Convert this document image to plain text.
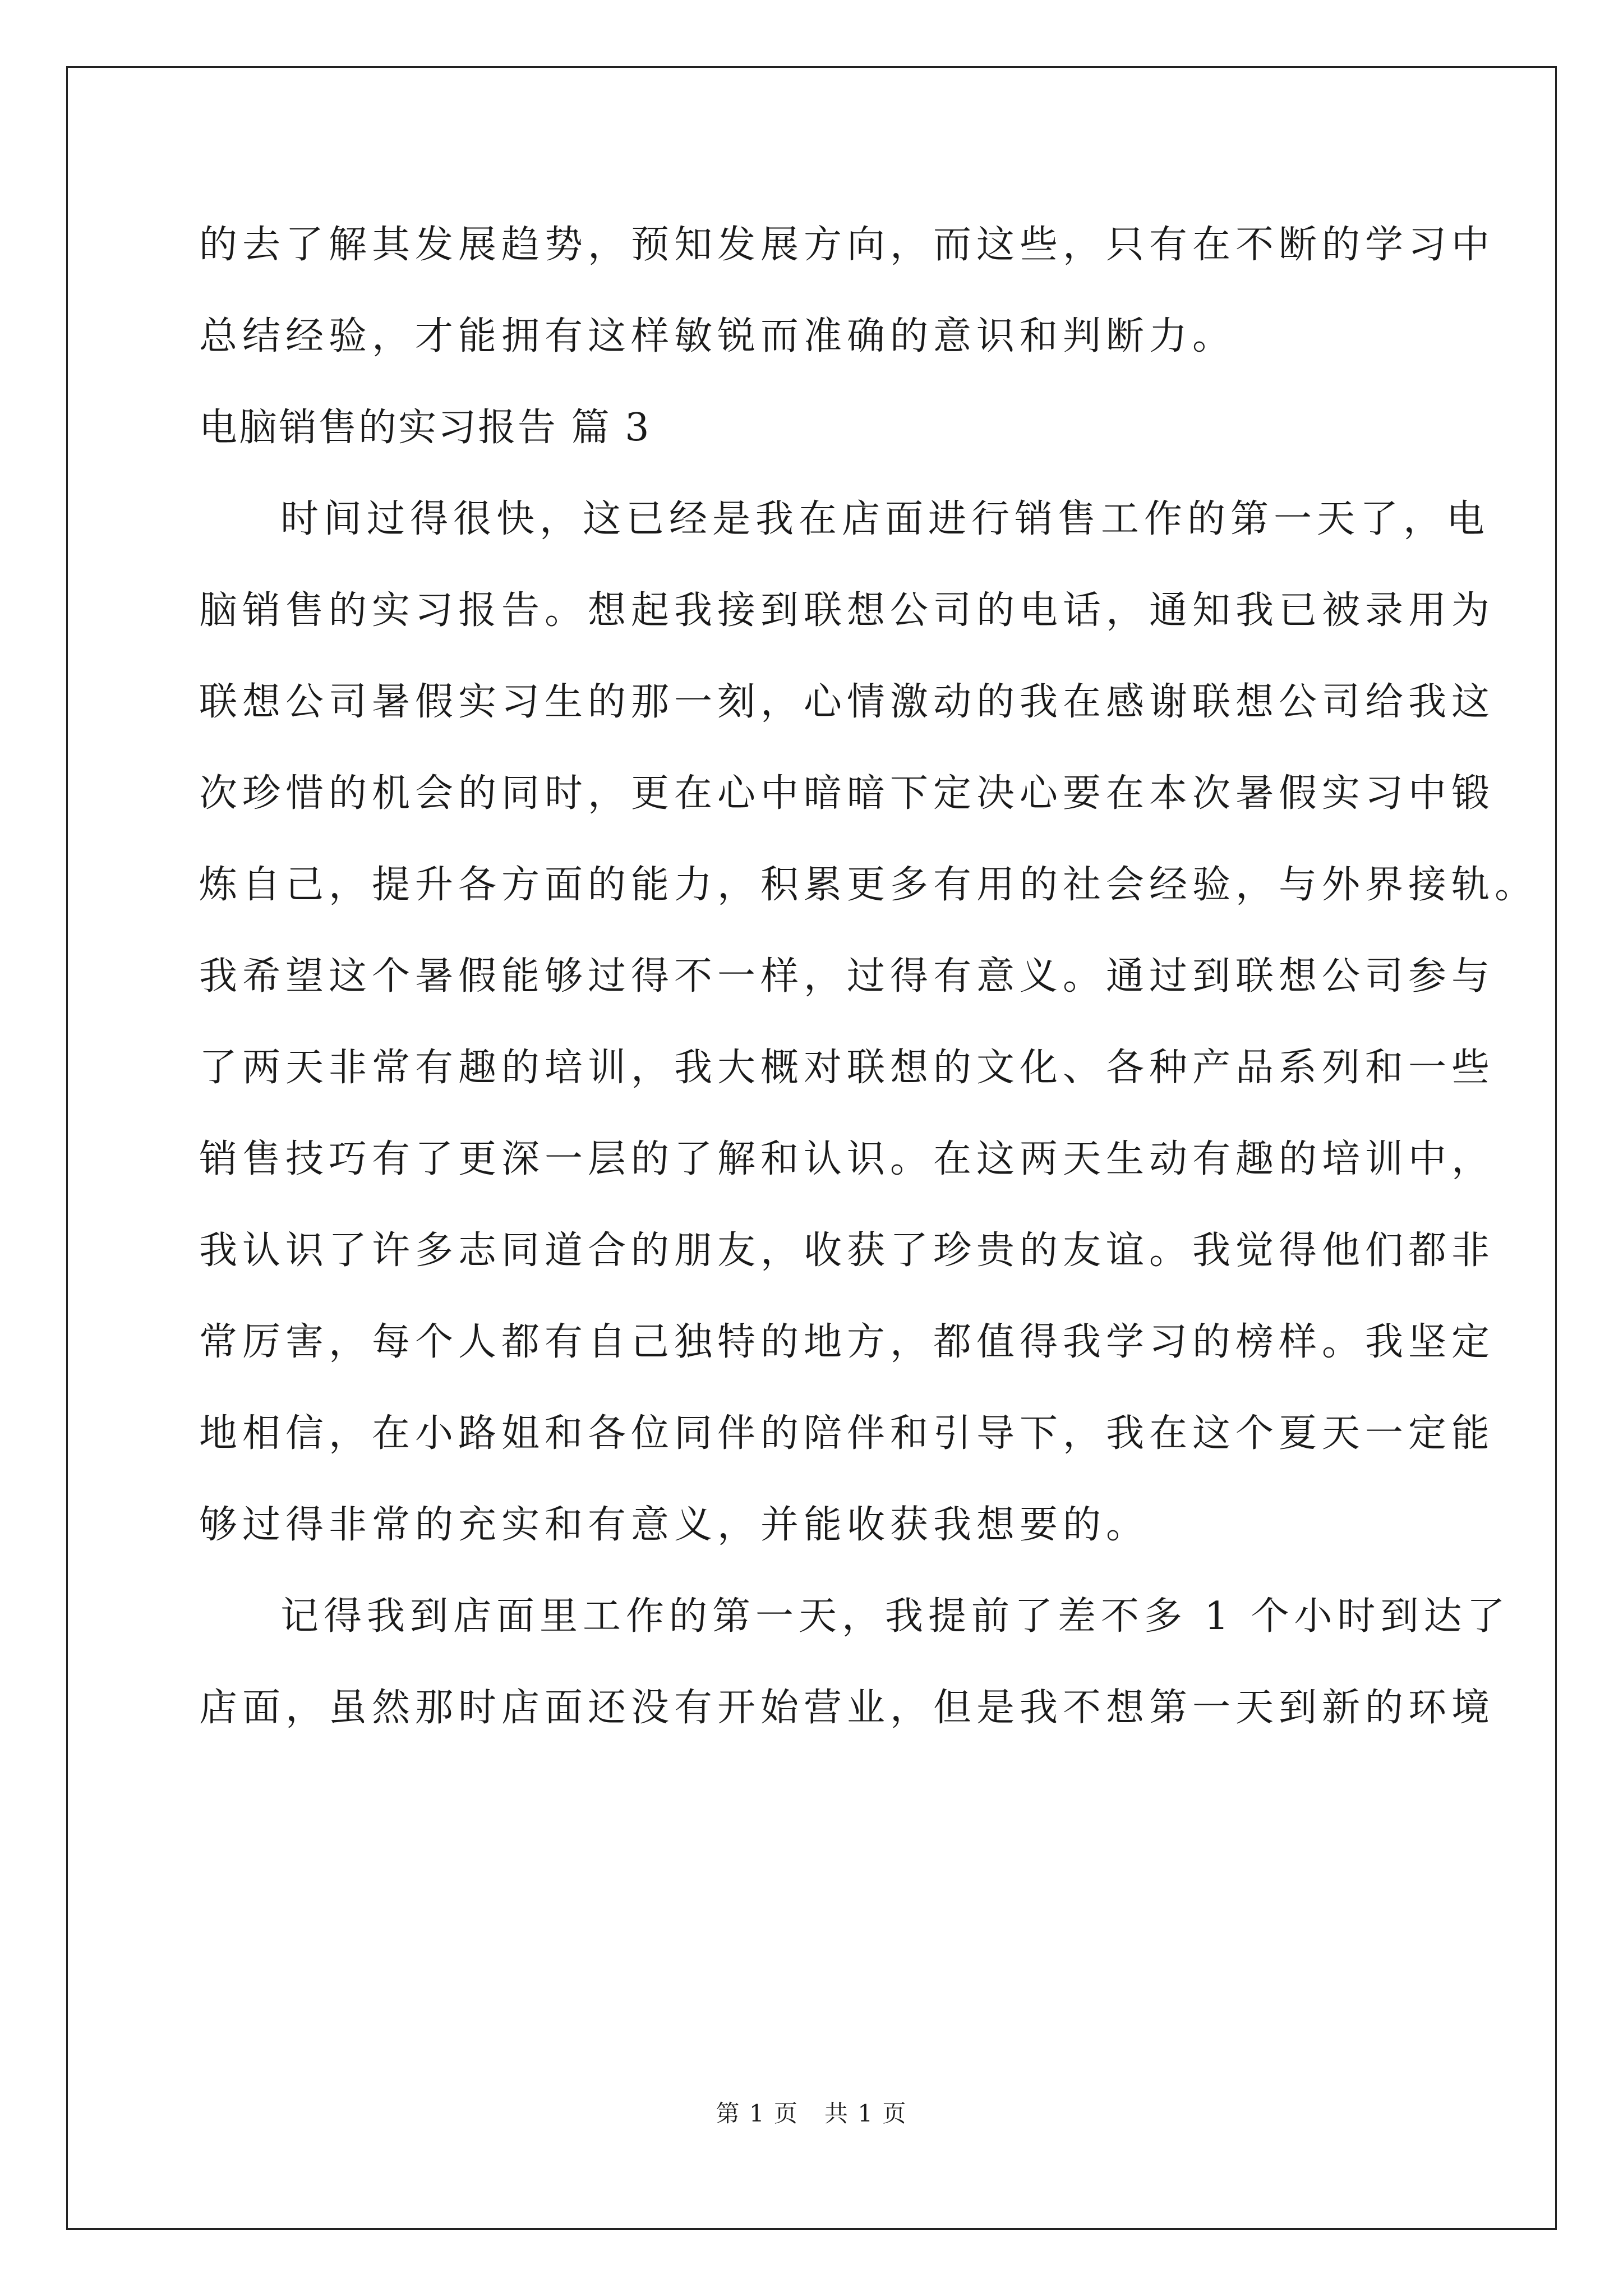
的去了解其发展趋势，预知发展方向，而这些，只有在不断的学习中
总结经验，才能拥有这样敏锐而准确的意识和判断力。
电脑销售的实习报告 篇 3
时间过得很快，这已经是我在店面进行销售工作的第一天了，电
脑销售的实习报告。想起我接到联想公司的电话，通知我已被录用为
联想公司暑假实习生的那一刻，心情激动的我在感谢联想公司给我这
次珍惜的机会的同时，更在心中暗暗下定决心要在本次暑假实习中锻
炼自己，提升各方面的能力，积累更多有用的社会经验，与外界接轨。
我希望这个暑假能够过得不一样，过得有意义。通过到联想公司参与
了两天非常有趣的培训，我大概对联想的文化、各种产品系列和一些
销售技巧有了更深一层的了解和认识。在这两天生动有趣的培训中，
我认识了许多志同道合的朋友，收获了珍贵的友谊。我觉得他们都非
常厉害，每个人都有自己独特的地方，都值得我学习的榜样。我坚定
地相信，在小路姐和各位同伴的陪伴和引导下，我在这个夏天一定能
够过得非常的充实和有意义，并能收获我想要的。
记得我到店面里工作的第一天，我提前了差不多 1 个小时到达了
店面，虽然那时店面还没有开始营业，但是我不想第一天到新的环境
第 1 页   共 1 页
